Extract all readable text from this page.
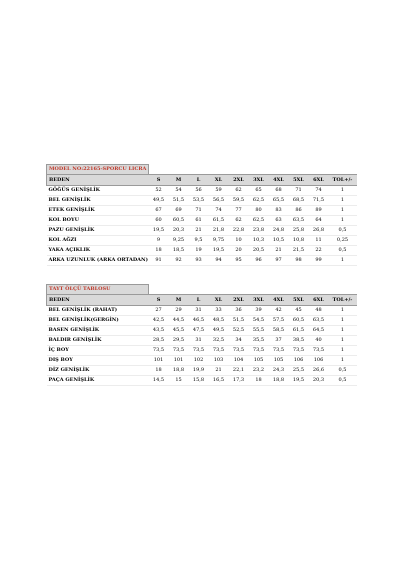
MODEL NO:22165-SPORCU LICRA										
BEDEN	S	M	L	XL	2XL	3XL	4XL	5XL	6XL	TOL+/-
GÖĞÜS GENİŞLİK	52	54	56	59	62	65	68	71	74	1
BEL GENİŞLİK	49,5	51,5	53,5	56,5	59,5	62,5	65,5	68,5	71,5	1
ETEK GENİŞLİK	67	69	71	74	77	80	83	86	89	1
KOL BOYU	60	60,5	61	61,5	62	62,5	63	63,5	64	1
PAZU GENİŞLİK	19,5	20,3	21	21,8	22,8	23,8	24,8	25,8	26,8	0,5
KOL AĞZI	9	9,25	9,5	9,75	10	10,3	10,5	10,8	11	0,25
YAKA AÇIKLIK	18	18,5	19	19,5	20	20,5	21	21,5	22	0,5
ARKA UZUNLUK (ARKA ORTADAN)	91	92	93	94	95	96	97	98	99	1
TAYT ÖLÇÜ TABLOSU										
BEDEN	S	M	L	XL	2XL	3XL	4XL	5XL	6XL	TOL+/-
BEL GENİŞLİK (RAHAT)	27	29	31	33	36	39	42	45	48	1
BEL GENİŞLİK(GERGİN)	42,5	44,5	46,5	48,5	51,5	54,5	57,5	60,5	63,5	1
BASEN GENİŞLİK	43,5	45,5	47,5	49,5	52,5	55,5	58,5	61,5	64,5	1
BALDIR GENİŞLİK	28,5	29,5	31	32,5	34	35,5	37	38,5	40	1
İÇ BOY	73,5	73,5	73,5	73,5	73,5	73,5	73,5	73,5	73,5	1
DIŞ BOY	101	101	102	103	104	105	105	106	106	1
DİZ GENİŞLİK	18	18,8	19,9	21	22,1	23,2	24,3	25,5	26,6	0,5
PAÇA GENİŞLİK	14,5	15	15,8	16,5	17,3	18	18,8	19,5	20,3	0,5
